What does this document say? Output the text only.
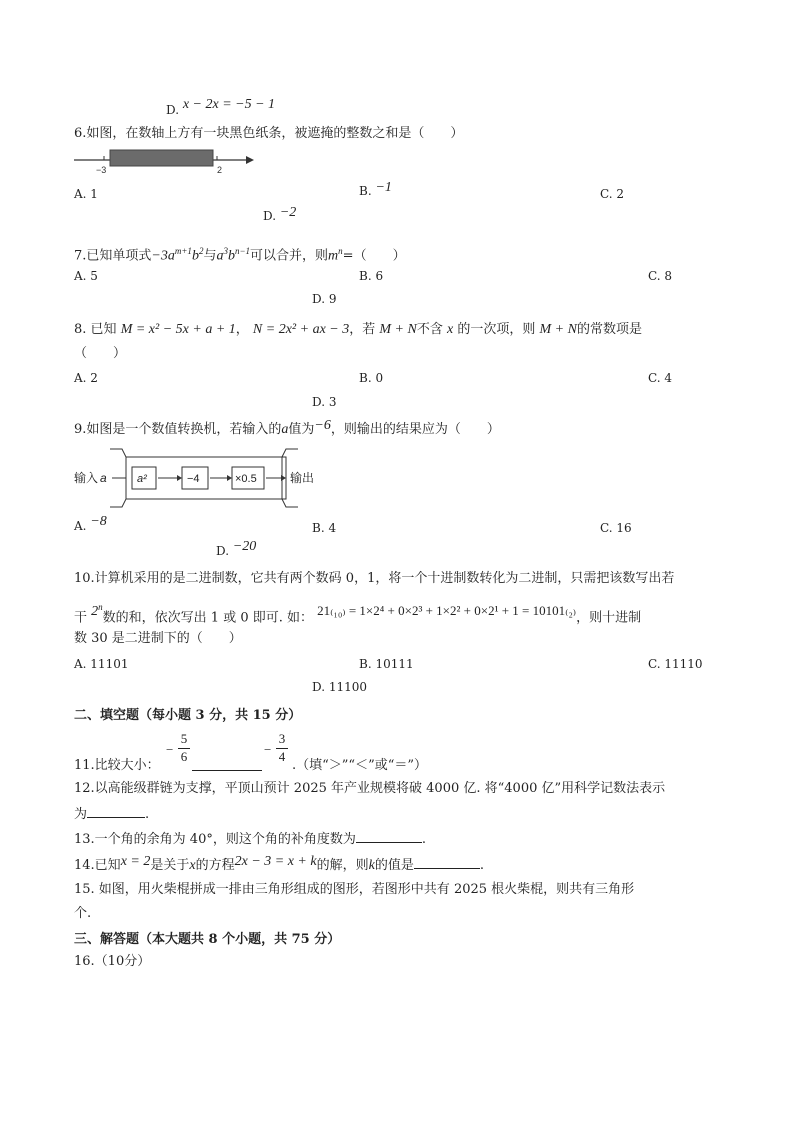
D. x − 2x = −5 − 1
6.如图，在数轴上方有一块黑色纸条，被遮掩的整数之和是（　　）
−3	2
A. 1	B. −1	C. 2
D. −2
7.已知单项式$-3a^{m+1}b^2$与$a^3b^{n-1}$可以合并，则$m^n=$（　　）
A. 5	B. 6	C. 8
D. 9
8. 已知 M = x² − 5x + a + 1， N = 2x² + ax − 3，若 M + N不含 x 的一次项，则 M + N的常数项是
（　　）
A. 2	B. 0	C. 4
D. 3
9.如图是一个数值转换机，若输入的a值为−6，则输出的结果应为（　　）
输入 a	a²	−4	×0.5	输出
A. −8	B. 4	C. 16
D. −20
10.计算机采用的是二进制数，它共有两个数码 0，1，将一个十进制数转化为二进制，只需把该数写出若
干 2$^n$数的和，依次写出 1 或 0 即可. 如： 21₍₁₀₎ = 1×2⁴ + 0×2³ + 1×2² + 0×2¹ + 1 = 10101₍₂₎，则十进制
数 30 是二进制下的（　　）
A. 11101	B. 10111	C. 11110
D. 11100
二、填空题（每小题 3 分，共 15 分）
− $\frac{5}{6}$	− $\frac{3}{4}$
11.比较大小：	.（填“＞”“＜”或“＝”）
12.以高能级群链为支撑，平顶山预计 2025 年产业规模将破 4000 亿. 将“4000 亿”用科学记数法表示
为	.
13.一个角的余角为 40°，则这个角的补角度数为	.
14.已知x = 2是关于x的方程2x − 3 = x + k的解，则k的值是	.
15. 如图，用火柴棍拼成一排由三角形组成的图形，若图形中共有 2025 根火柴棍，则共有三角形
个.
三、解答题（本大题共 8 个小题，共 75 分）
16.（10分）
